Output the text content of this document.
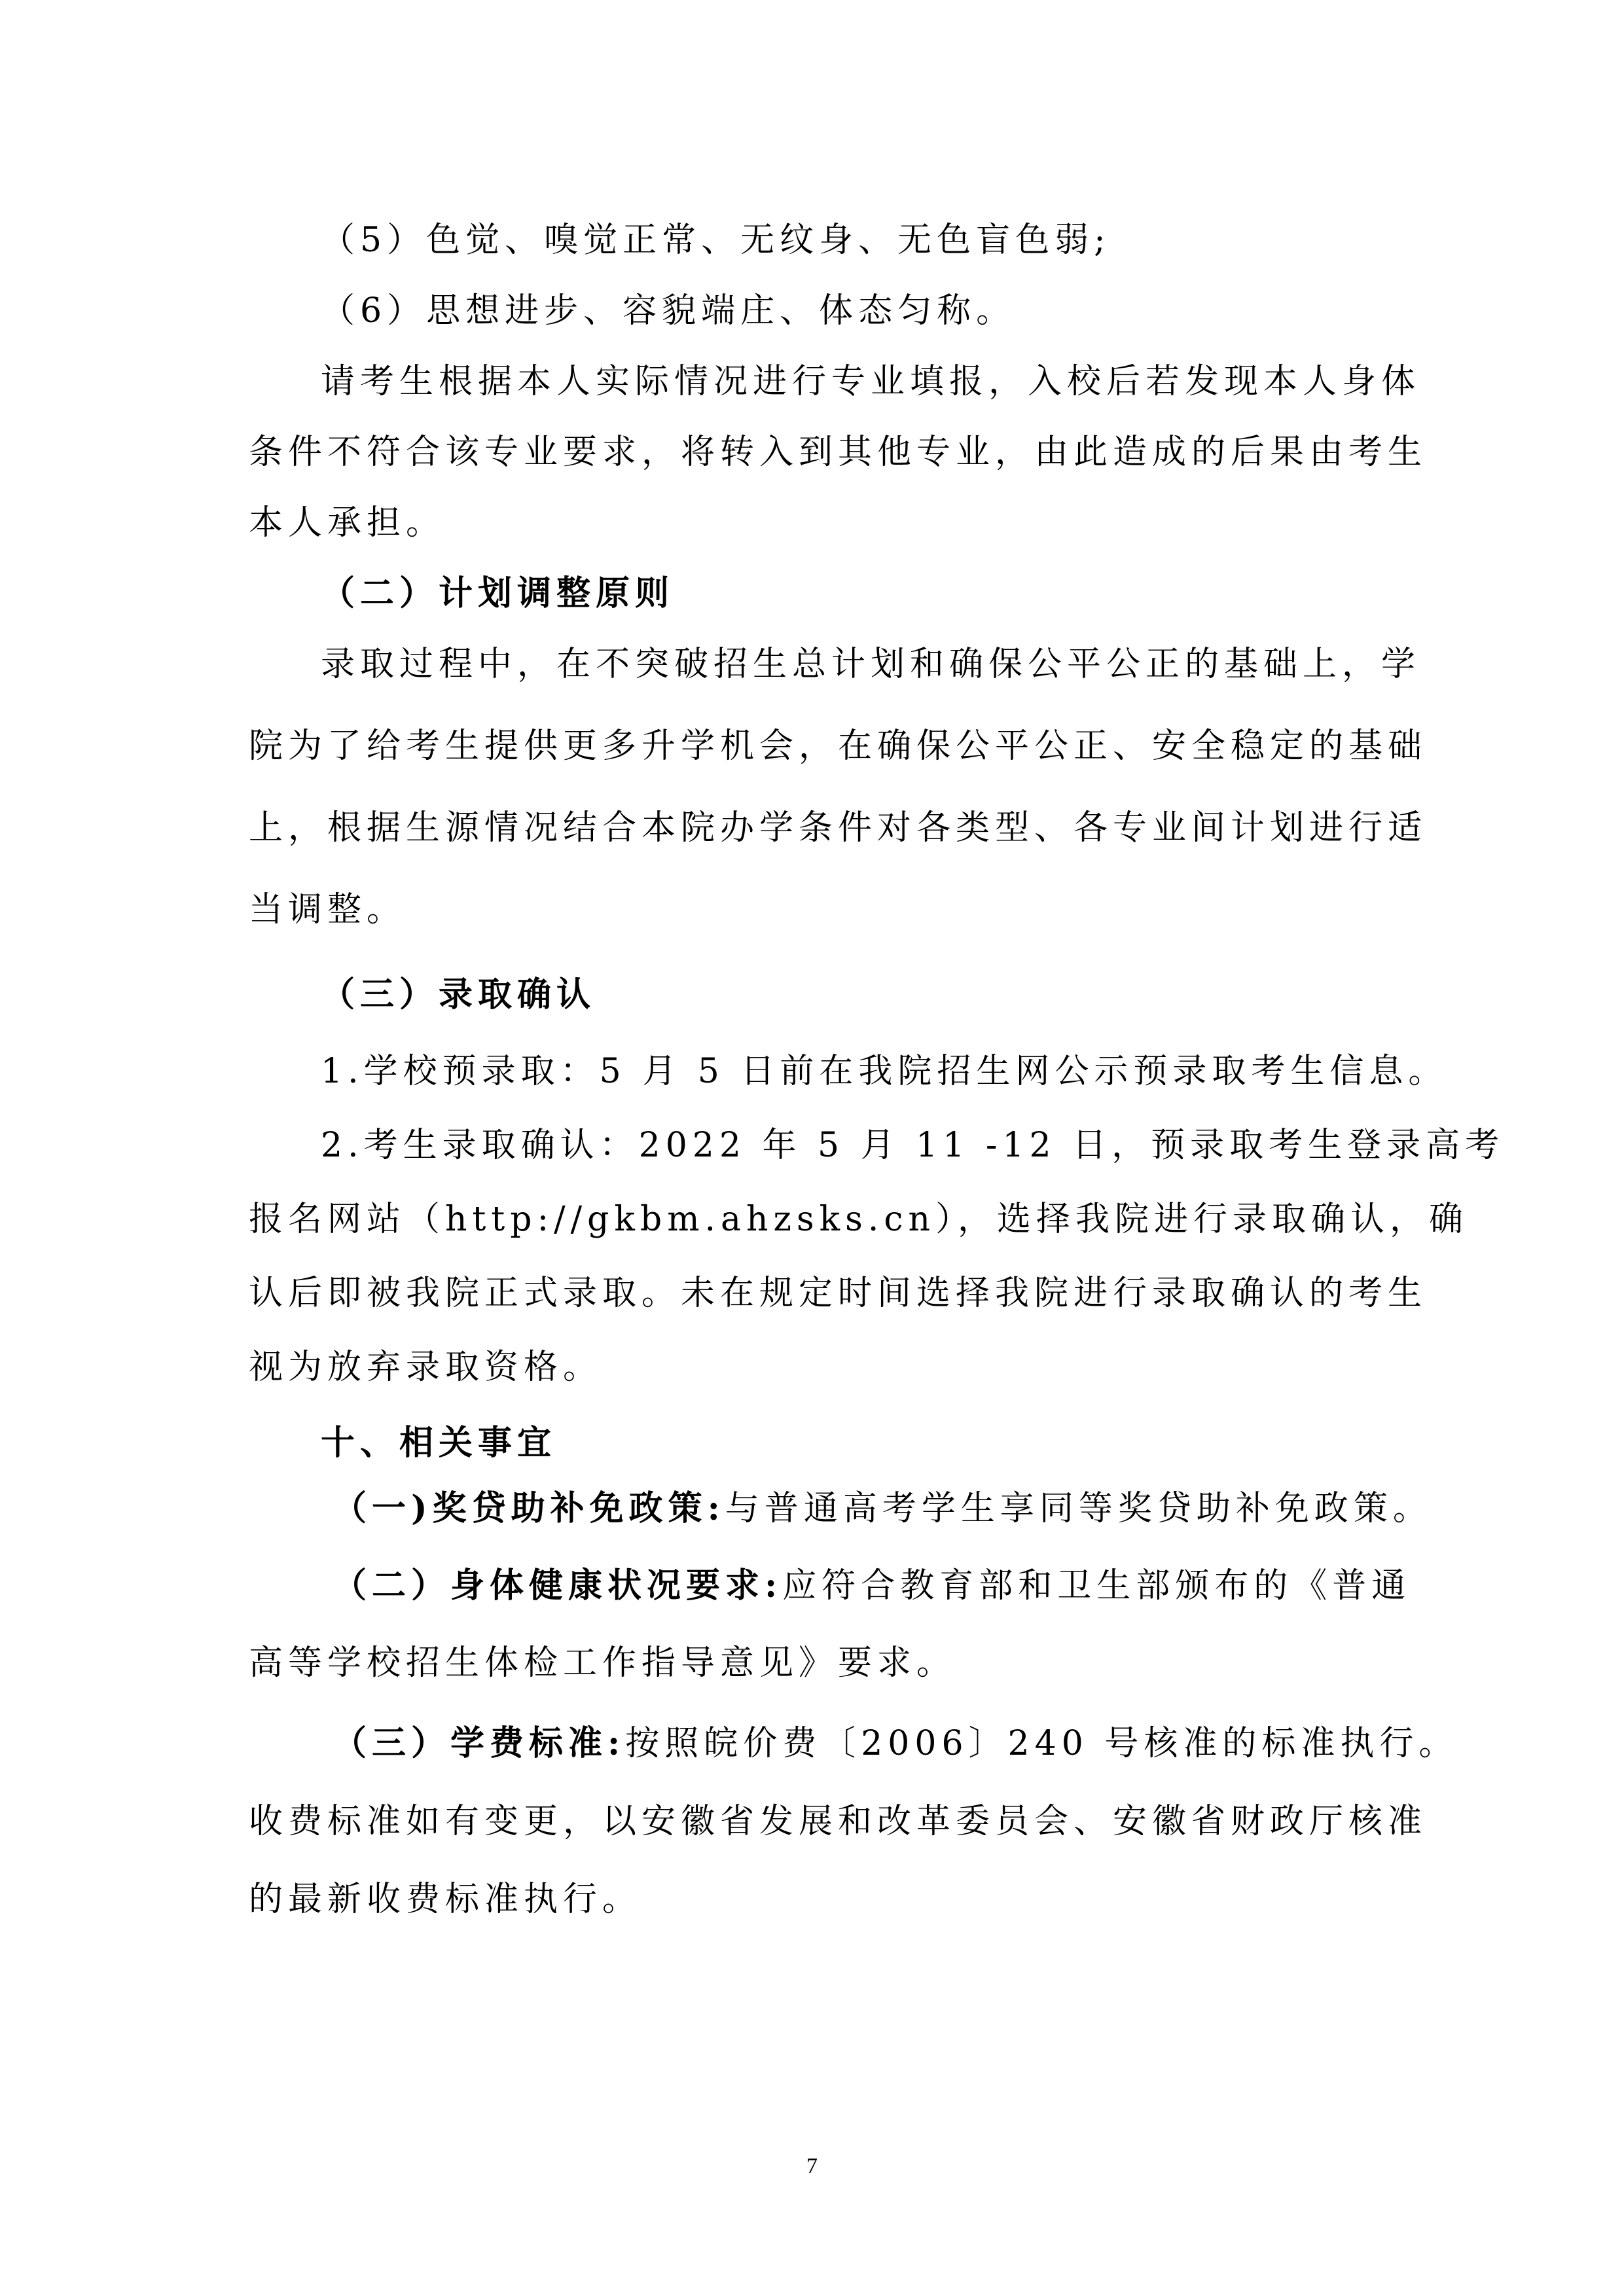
（5）色觉、嗅觉正常、无纹身、无色盲色弱;
（6）思想进步、容貌端庄、体态匀称。
请考生根据本人实际情况进行专业填报，入校后若发现本人身体
条件不符合该专业要求，将转入到其他专业，由此造成的后果由考生
本人承担。
（二）计划调整原则
录取过程中，在不突破招生总计划和确保公平公正的基础上，学
院为了给考生提供更多升学机会，在确保公平公正、安全稳定的基础
上，根据生源情况结合本院办学条件对各类型、各专业间计划进行适
当调整。
（三）录取确认
1.学校预录取：5 月 5 日前在我院招生网公示预录取考生信息。
2.考生录取确认：2022 年 5 月 11 -12 日，预录取考生登录高考
报名网站（http://gkbm.ahzsks.cn），选择我院进行录取确认，确
认后即被我院正式录取。未在规定时间选择我院进行录取确认的考生
视为放弃录取资格。
十、相关事宜
（一)奖贷助补免政策:与普通高考学生享同等奖贷助补免政策。
（二）身体健康状况要求:应符合教育部和卫生部颁布的《普通
高等学校招生体检工作指导意见》要求。
（三）学费标准:按照皖价费〔2006〕240 号核准的标准执行。
收费标准如有变更，以安徽省发展和改革委员会、安徽省财政厅核准
的最新收费标准执行。
7
